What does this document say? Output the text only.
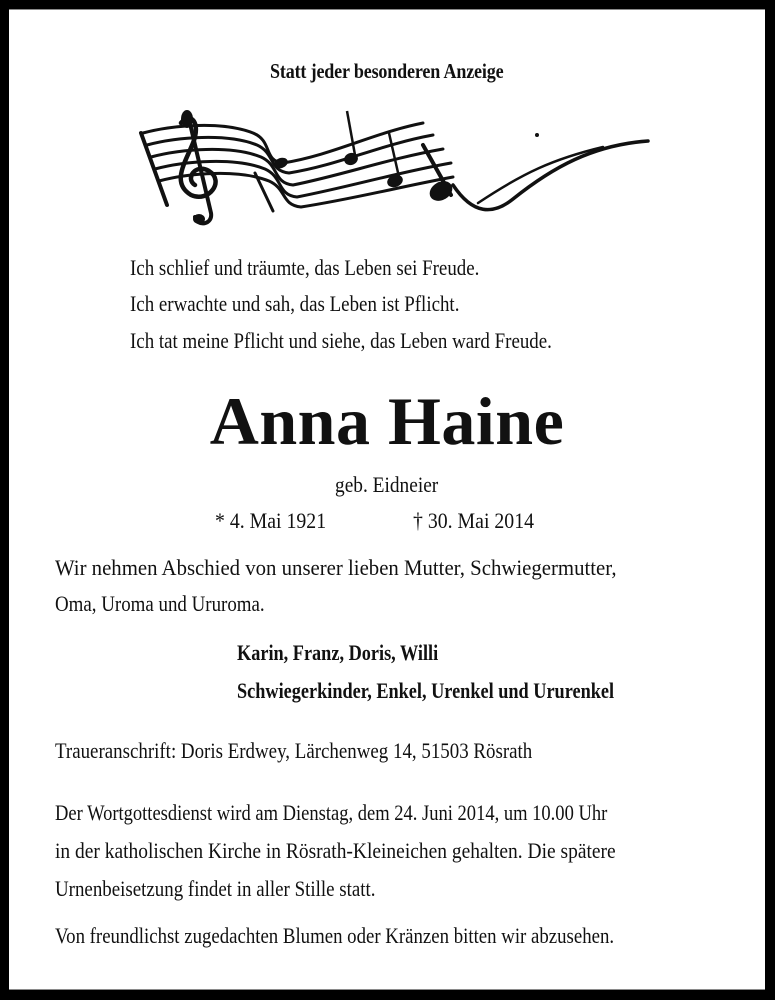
Statt jeder besonderen Anzeige
Ich schlief und träumte, das Leben sei Freude.
Ich erwachte und sah, das Leben ist Pflicht.
Ich tat meine Pflicht und siehe, das Leben ward Freude.
Anna Haine
geb. Eidneier
* 4. Mai 1921	† 30. Mai 2014
Wir nehmen Abschied von unserer lieben Mutter, Schwiegermutter,
Oma, Uroma und Ururoma.
Karin, Franz, Doris, Willi
Schwiegerkinder, Enkel, Urenkel und Ururenkel
Traueranschrift: Doris Erdwey, Lärchenweg 14, 51503 Rösrath
Der Wortgottesdienst wird am Dienstag, dem 24. Juni 2014, um 10.00 Uhr
in der katholischen Kirche in Rösrath-Kleineichen gehalten. Die spätere
Urnenbeisetzung findet in aller Stille statt.
Von freundlichst zugedachten Blumen oder Kränzen bitten wir abzusehen.
